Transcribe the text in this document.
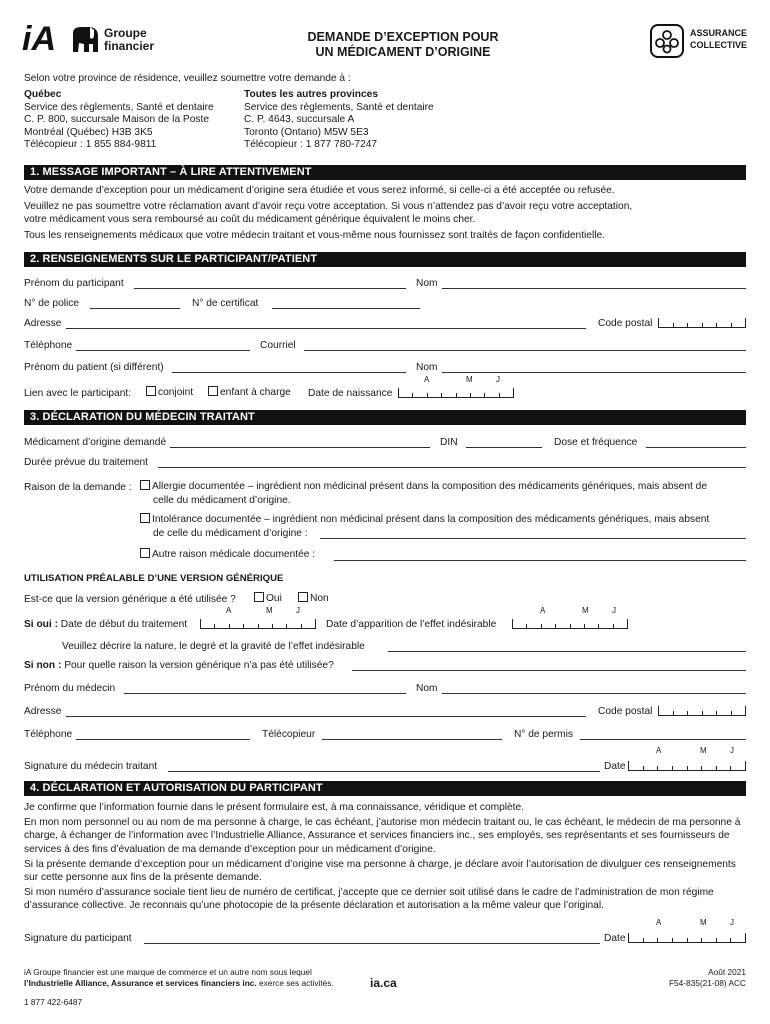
iA	Groupe
financier
DEMANDE D’EXCEPTION POUR
UN MÉDICAMENT D’ORIGINE
ASSURANCE
COLLECTIVE
Selon votre province de résidence, veuillez soumettre votre demande à :
Québec
Service des règlements, Santé et dentaire
C. P. 800, succursale Maison de la Poste
Montréal (Québec) H3B 3K5
Télécopieur : 1 855 884-9811
Toutes les autres provinces
Service des règlements, Santé et dentaire
C. P. 4643, succursale A
Toronto (Ontario) M5W 5E3
Télécopieur : 1 877 780-7247
1. MESSAGE IMPORTANT – À LIRE ATTENTIVEMENT
Votre demande d’exception pour un médicament d’origine sera étudiée et vous serez informé, si celle-ci a été acceptée ou refusée.
Veuillez ne pas soumettre votre réclamation avant d’avoir reçu votre acceptation. Si vous n’attendez pas d’avoir reçu votre acceptation,
votre médicament vous sera remboursé au coût du médicament générique équivalent le moins cher.
Tous les renseignements médicaux que votre médecin traitant et vous-même nous fournissez sont traités de façon confidentielle.
2. RENSEIGNEMENTS SUR LE PARTICIPANT/PATIENT
Prénom du participant	Nom
N° de police	N° de certificat
Adresse	Code postal
Téléphone	Courriel
Prénom du patient (si différent)	Nom
A	M	J
Lien avec le participant:	conjoint	enfant à charge Date de naissance
3. DÉCLARATION DU MÉDECIN TRAITANT
Médicament d’origine demandé	DIN	Dose et fréquence
Durée prévue du traitement
Raison de la demande :	Allergie documentée – ingrédient non médicinal présent dans la composition des médicaments génériques, mais absent de
celle du médicament d’origine.
Intolérance documentée – ingrédient non médicinal présent dans la composition des médicaments génériques, mais absent
de celle du médicament d’origine :
Autre raison médicale documentée :
UTILISATION PRÉALABLE D’UNE VERSION GÉNÉRIQUE
Est-ce que la version générique a été utilisée ?	Oui	Non
A	M	J	A	M	J
Si oui : Date de début du traitement	Date d’apparition de l’effet indésirable
Veuillez décrire la nature, le degré et la gravité de l’effet indésirable
Si non : Pour quelle raison la version générique n’a pas été utilisée?
Prénom du médecin	Nom
Adresse	Code postal
Téléphone	Télécopieur	N° de permis
A	M	J
Signature du médecin traitant	Date
4. DÉCLARATION ET AUTORISATION DU PARTICIPANT
Je confirme que l’information fournie dans le présent formulaire est, à ma connaissance, véridique et complète.
En mon nom personnel ou au nom de ma personne à charge, le cas échéant, j’autorise mon médecin traitant ou, le cas échéant, le médecin de ma personne à charge, à échanger de l’information avec l’Industrielle Alliance, Assurance et services financiers inc., ses employés, ses représentants et ses fournisseurs de services à des fins d’évaluation de ma demande d’exception pour un médicament d’origine.
Si la présente demande d’exception pour un médicament d’origine vise ma personne à charge, je déclare avoir l’autorisation de divulguer ces renseignements sur cette personne aux fins de la présente demande.
Si mon numéro d’assurance sociale tient lieu de numéro de certificat, j’accepte que ce dernier soit utilisé dans le cadre de l’administration de mon régime d’assurance collective. Je reconnais qu’une photocopie de la présente déclaration et autorisation a la même valeur que l’original.
A	M	J
Signature du participant	Date
iA Groupe financier est une marque de commerce et un autre nom sous lequel
l’Industrielle Alliance, Assurance et services financiers inc. exerce ses activités.
1 877 422-6487
ia.ca
Août 2021
F54-835(21-08) ACC
